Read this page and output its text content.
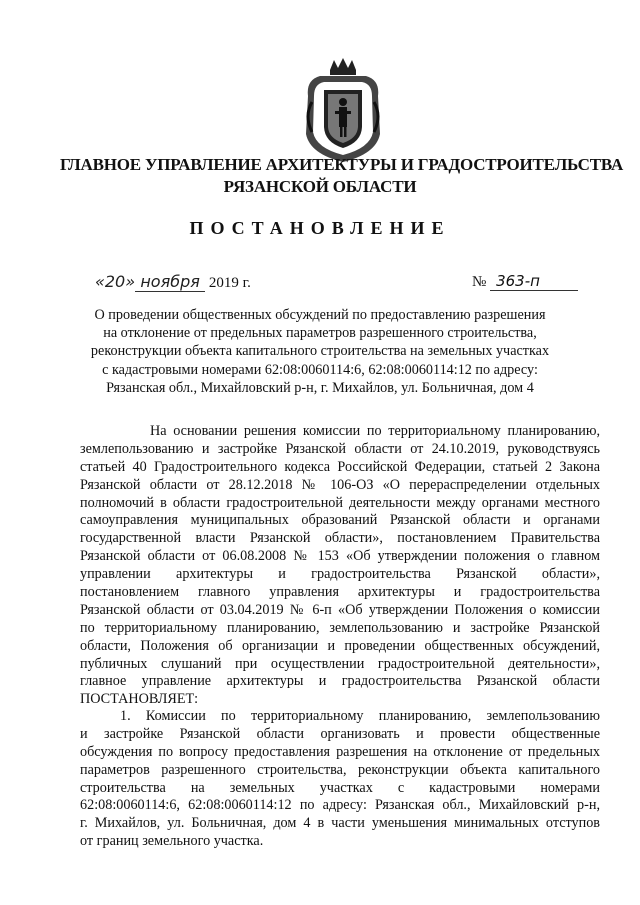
ГЛАВНОЕ УПРАВЛЕНИЕ АРХИТЕКТУРЫ И ГРАДОСТРОИТЕЛЬСТВА
РЯЗАНСКОЙ ОБЛАСТИ
ПОСТАНОВЛЕНИЕ
«20» ноября 2019 г.	№ 363-п
О проведении общественных обсуждений по предоставлению разрешения
на отклонение от предельных параметров разрешенного строительства,
реконструкции объекта капитального строительства на земельных участках
с кадастровыми номерами 62:08:0060114:6, 62:08:0060114:12 по адресу:
Рязанская обл., Михайловский р-н, г. Михайлов, ул. Больничная, дом 4
На основании решения комиссии по территориальному планированию,
землепользованию и застройке Рязанской области от 24.10.2019, руководствуясь
статьей 40 Градостроительного кодекса Российской Федерации, статьей 2 Закона
Рязанской области от 28.12.2018 № 106-ОЗ «О перераспределении отдельных
полномочий в области градостроительной деятельности между органами местного
самоуправления муниципальных образований Рязанской области и органами
государственной власти Рязанской области», постановлением Правительства
Рязанской области от 06.08.2008 № 153 «Об утверждении положения о главном
управлении архитектуры и градостроительства Рязанской области»,
постановлением главного управления архитектуры и градостроительства
Рязанской области от 03.04.2019 № 6-п «Об утверждении Положения о комиссии
по территориальному планированию, землепользованию и застройке Рязанской
области, Положения об организации и проведении общественных обсуждений,
публичных слушаний при осуществлении градостроительной деятельности»,
главное управление архитектуры и градостроительства Рязанской области
ПОСТАНОВЛЯЕТ:
1. Комиссии по территориальному планированию, землепользованию
и застройке Рязанской области организовать и провести общественные
обсуждения по вопросу предоставления разрешения на отклонение от предельных
параметров разрешенного строительства, реконструкции объекта капитального
строительства на земельных участках с кадастровыми номерами
62:08:0060114:6, 62:08:0060114:12 по адресу: Рязанская обл., Михайловский р-н,
г. Михайлов, ул. Больничная, дом 4 в части уменьшения минимальных отступов
от границ земельного участка.
